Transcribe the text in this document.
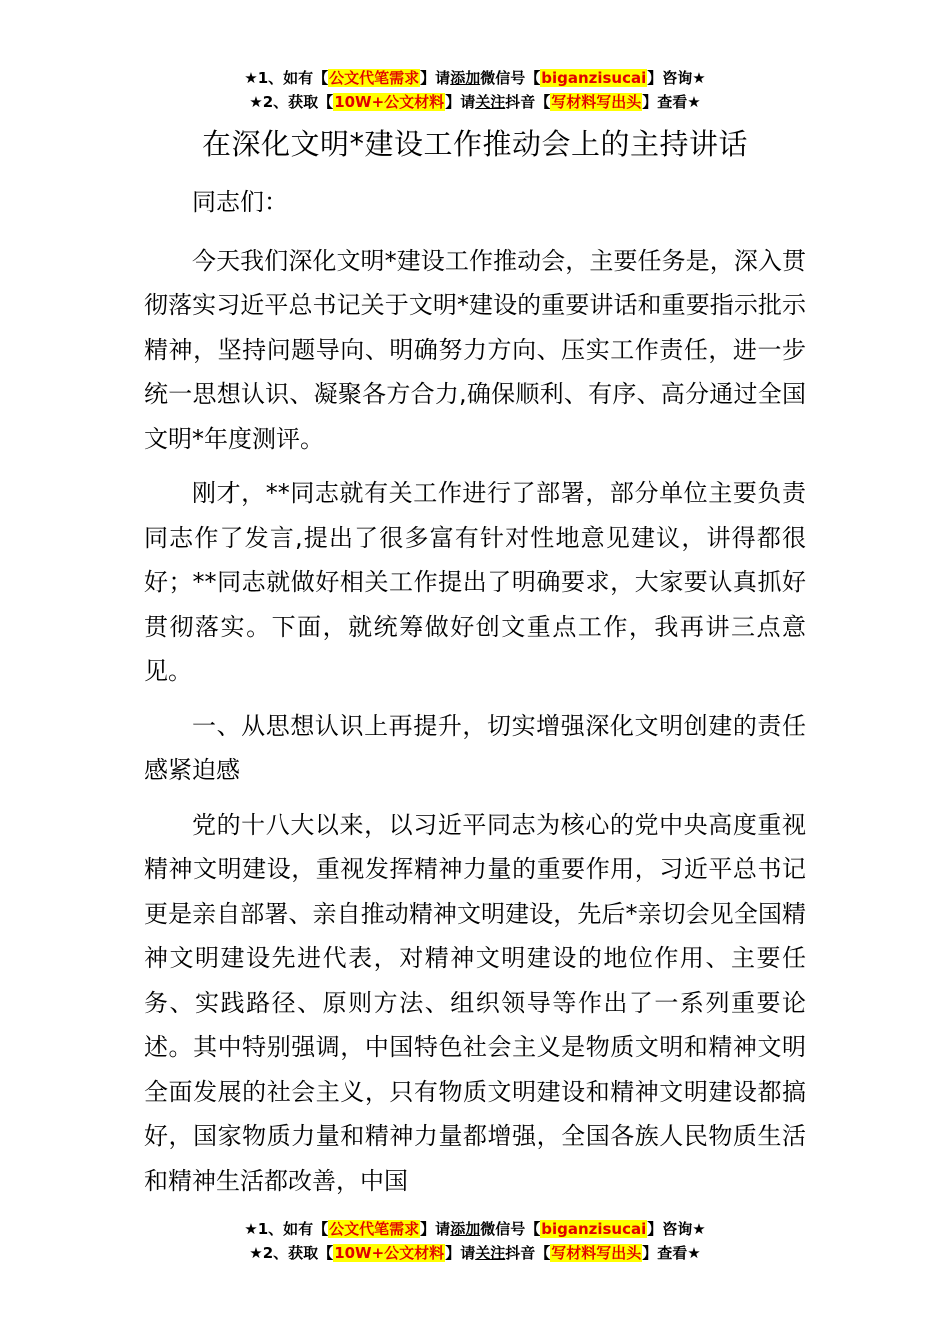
★1、如有【公文代笔需求】请添加微信号【biganzisucai】咨询★
★2、获取【10W+公文材料】请关注抖音【写材料写出头】查看★
在深化文明*建设工作推动会上的主持讲话

同志们：

今天我们深化文明*建设工作推动会，主要任务是，深入贯彻落实习近平总书记关于文明*建设的重要讲话和重要指示批示精神，坚持问题导向、明确努力方向、压实工作责任，进一步统一思想认识、凝聚各方合力,确保顺利、有序、高分通过全国文明*年度测评。

刚才，**同志就有关工作进行了部署，部分单位主要负责同志作了发言,提出了很多富有针对性地意见建议，讲得都很好；**同志就做好相关工作提出了明确要求，大家要认真抓好贯彻落实。下面，就统筹做好创文重点工作，我再讲三点意见。

一、从思想认识上再提升，切实增强深化文明创建的责任感紧迫感

党的十八大以来，以习近平同志为核心的党中央高度重视精神文明建设，重视发挥精神力量的重要作用，习近平总书记更是亲自部署、亲自推动精神文明建设，先后*亲切会见全国精神文明建设先进代表，对精神文明建设的地位作用、主要任务、实践路径、原则方法、组织领导等作出了一系列重要论述。其中特别强调，中国特色社会主义是物质文明和精神文明全面发展的社会主义，只有物质文明建设和精神文明建设都搞好，国家物质力量和精神力量都增强，全国各族人民物质生活和精神生活都改善，中国

★1、如有【公文代笔需求】请添加微信号【biganzisucai】咨询★
★2、获取【10W+公文材料】请关注抖音【写材料写出头】查看★
